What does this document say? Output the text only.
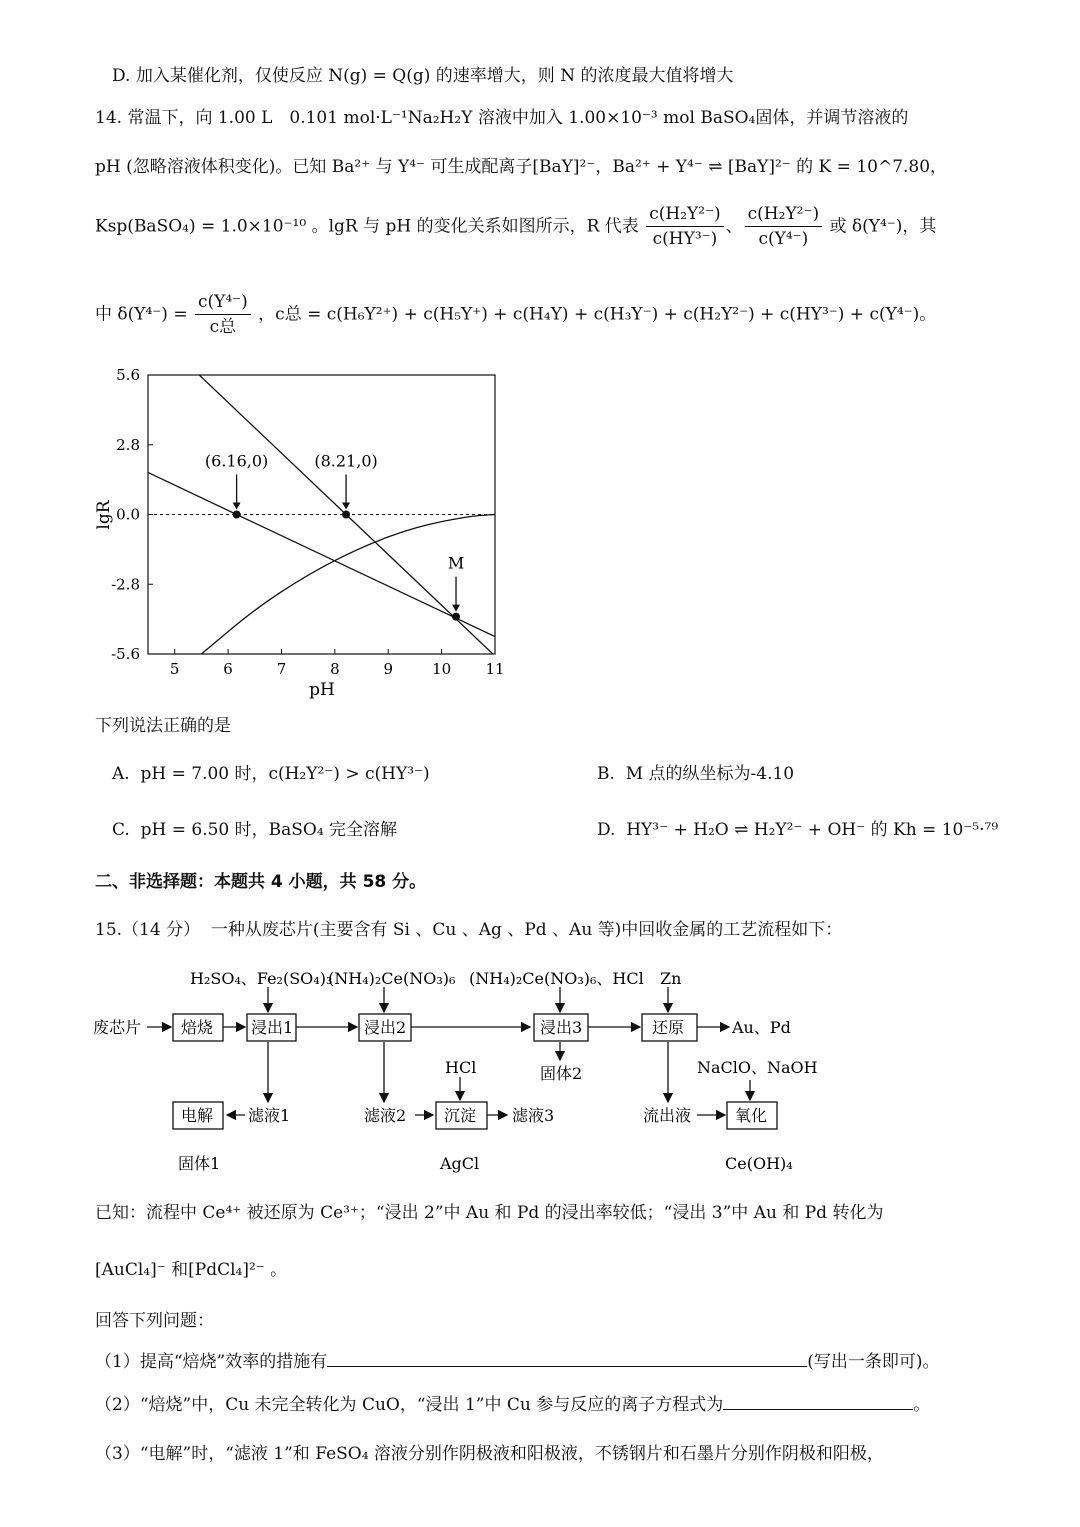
D. 加入某催化剂，仅使反应 N(g) = Q(g) 的速率增大，则 N 的浓度最大值将增大
14. 常温下，向 1.00 L　0.101 mol·L⁻¹Na₂H₂Y 溶液中加入 1.00×10⁻³ mol BaSO₄固体，并调节溶液的
pH (忽略溶液体积变化)。已知 Ba²⁺ 与 Y⁴⁻ 可生成配离子[BaY]²⁻，Ba²⁺ + Y⁴⁻ ⇌ [BaY]²⁻ 的 K = 10^7.80，
Ksp(BaSO₄) = 1.0×10⁻¹⁰ 。lgR 与 pH 的变化关系如图所示，R 代表 $\frac{\text{c(H₂Y²⁻)}}{\text{c(HY³⁻)}}$ 、 $\frac{\text{c(H₂Y²⁻)}}{\text{c(Y⁴⁻)}}$ 或 δ(Y⁴⁻)，其
中 $\delta(Y^{4-}) = \frac{\text{c(Y⁴⁻)}}{\text{c总}}$ ，c总 = c(H₆Y²⁺) + c(H₅Y⁺) + c(H₄Y) + c(H₃Y⁻) + c(H₂Y²⁻) + c(HY³⁻) + c(Y⁴⁻)。
5	6	7	8	9	10 11
5.6
2.8
0.0
-2.8
-5.6
(6.16,0)	(8.21,0)
M
lgR
pH
下列说法正确的是
A.  pH = 7.00 时，c(H₂Y²⁻) > c(HY³⁻)	B.  M 点的纵坐标为-4.10
C.  pH = 6.50 时，BaSO₄ 完全溶解	D.  HY³⁻ + H₂O ⇌ H₂Y²⁻ + OH⁻ 的 Kh = 10⁻⁵·⁷⁹
二、非选择题：本题共 4 小题，共 58 分。
15.（14 分）  一种从废芯片(主要含有 Si 、Cu 、Ag 、Pd 、Au 等)中回收金属的工艺流程如下：
废芯片
H₂SO₄、Fe₂(SO₄)₃
(NH₄)₂Ce(NO₃)₆ (NH₄)₂Ce(NO₃)₆、HCl Zn
焙烧 浸出1	浸出2	浸出3	还原	Au、Pd
电解 滤液1
固体1
滤液2
HCl
沉淀 滤液3
AgCl
固体2
流出液
NaClO、NaOH
氧化
Ce(OH)₄
已知：流程中 Ce⁴⁺ 被还原为 Ce³⁺；“浸出 2”中 Au 和 Pd 的浸出率较低；“浸出 3”中 Au 和 Pd 转化为
[AuCl₄]⁻ 和[PdCl₄]²⁻ 。
回答下列问题：
（1）提高“焙烧”效率的措施有	(写出一条即可)。
（2）“焙烧”中，Cu 未完全转化为 CuO，“浸出 1”中 Cu 参与反应的离子方程式为	。
（3）“电解”时，“滤液 1”和 FeSO₄ 溶液分别作阴极液和阳极液，不锈钢片和石墨片分别作阴极和阳极，
